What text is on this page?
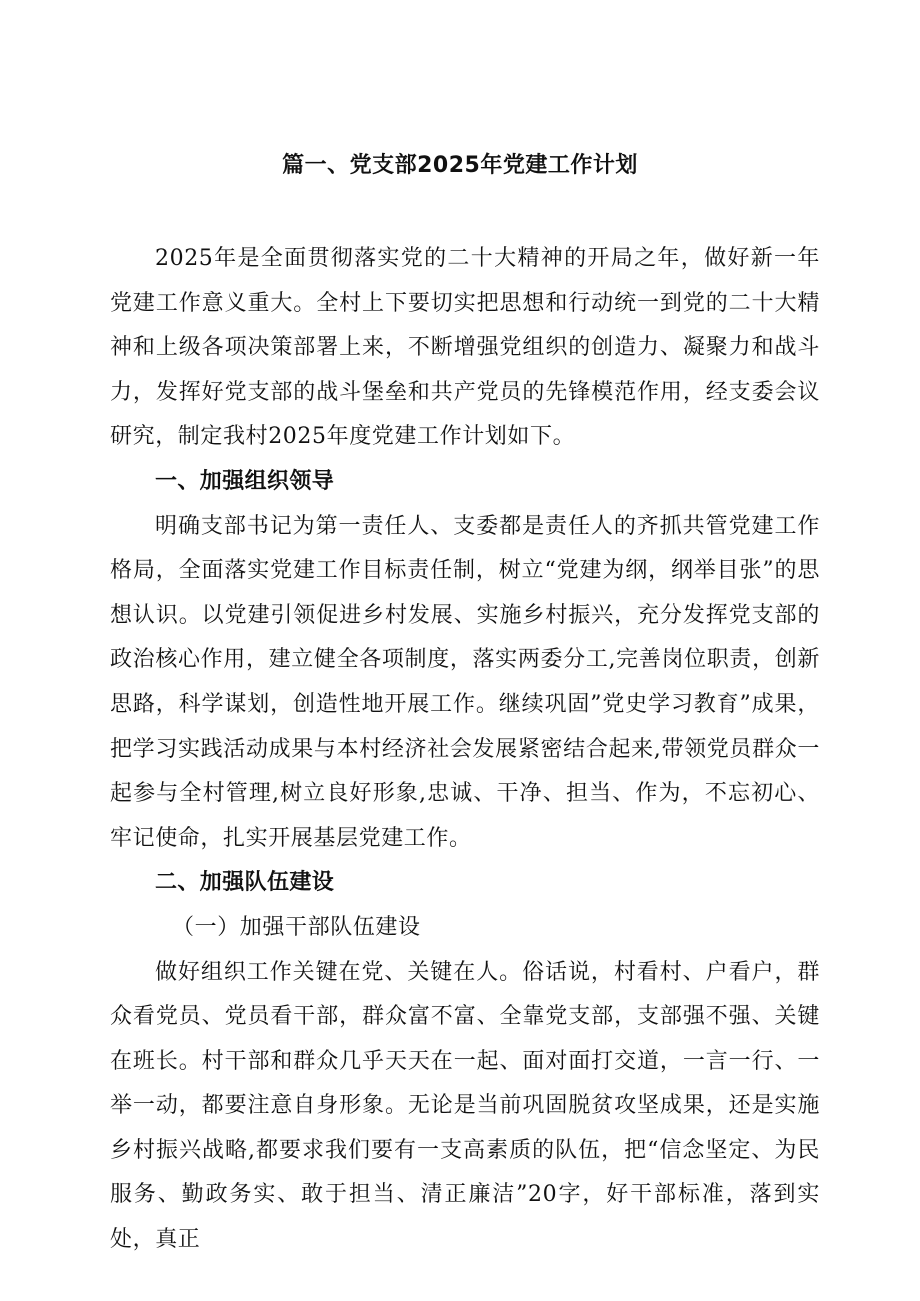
篇一、党支部2025年党建工作计划

2025年是全面贯彻落实党的二十大精神的开局之年，做好新一年党建工作意义重大。全村上下要切实把思想和行动统一到党的二十大精神和上级各项决策部署上来，不断增强党组织的创造力、凝聚力和战斗力，发挥好党支部的战斗堡垒和共产党员的先锋模范作用，经支委会议研究，制定我村2025年度党建工作计划如下。

一、加强组织领导

明确支部书记为第一责任人、支委都是责任人的齐抓共管党建工作格局，全面落实党建工作目标责任制，树立“党建为纲，纲举目张”的思想认识。以党建引领促进乡村发展、实施乡村振兴，充分发挥党支部的政治核心作用，建立健全各项制度，落实两委分工,完善岗位职责，创新思路，科学谋划，创造性地开展工作。继续巩固”党史学习教育”成果，把学习实践活动成果与本村经济社会发展紧密结合起来,带领党员群众一起参与全村管理,树立良好形象,忠诚、干净、担当、作为，不忘初心、牢记使命，扎实开展基层党建工作。

二、加强队伍建设

（一）加强干部队伍建设

做好组织工作关键在党、关键在人。俗话说，村看村、户看户，群众看党员、党员看干部，群众富不富、全靠党支部，支部强不强、关键在班长。村干部和群众几乎天天在一起、面对面打交道，一言一行、一举一动，都要注意自身形象。无论是当前巩固脱贫攻坚成果，还是实施乡村振兴战略,都要求我们要有一支高素质的队伍，把“信念坚定、为民服务、勤政务实、敢于担当、清正廉洁”20字，好干部标准，落到实处，真正
